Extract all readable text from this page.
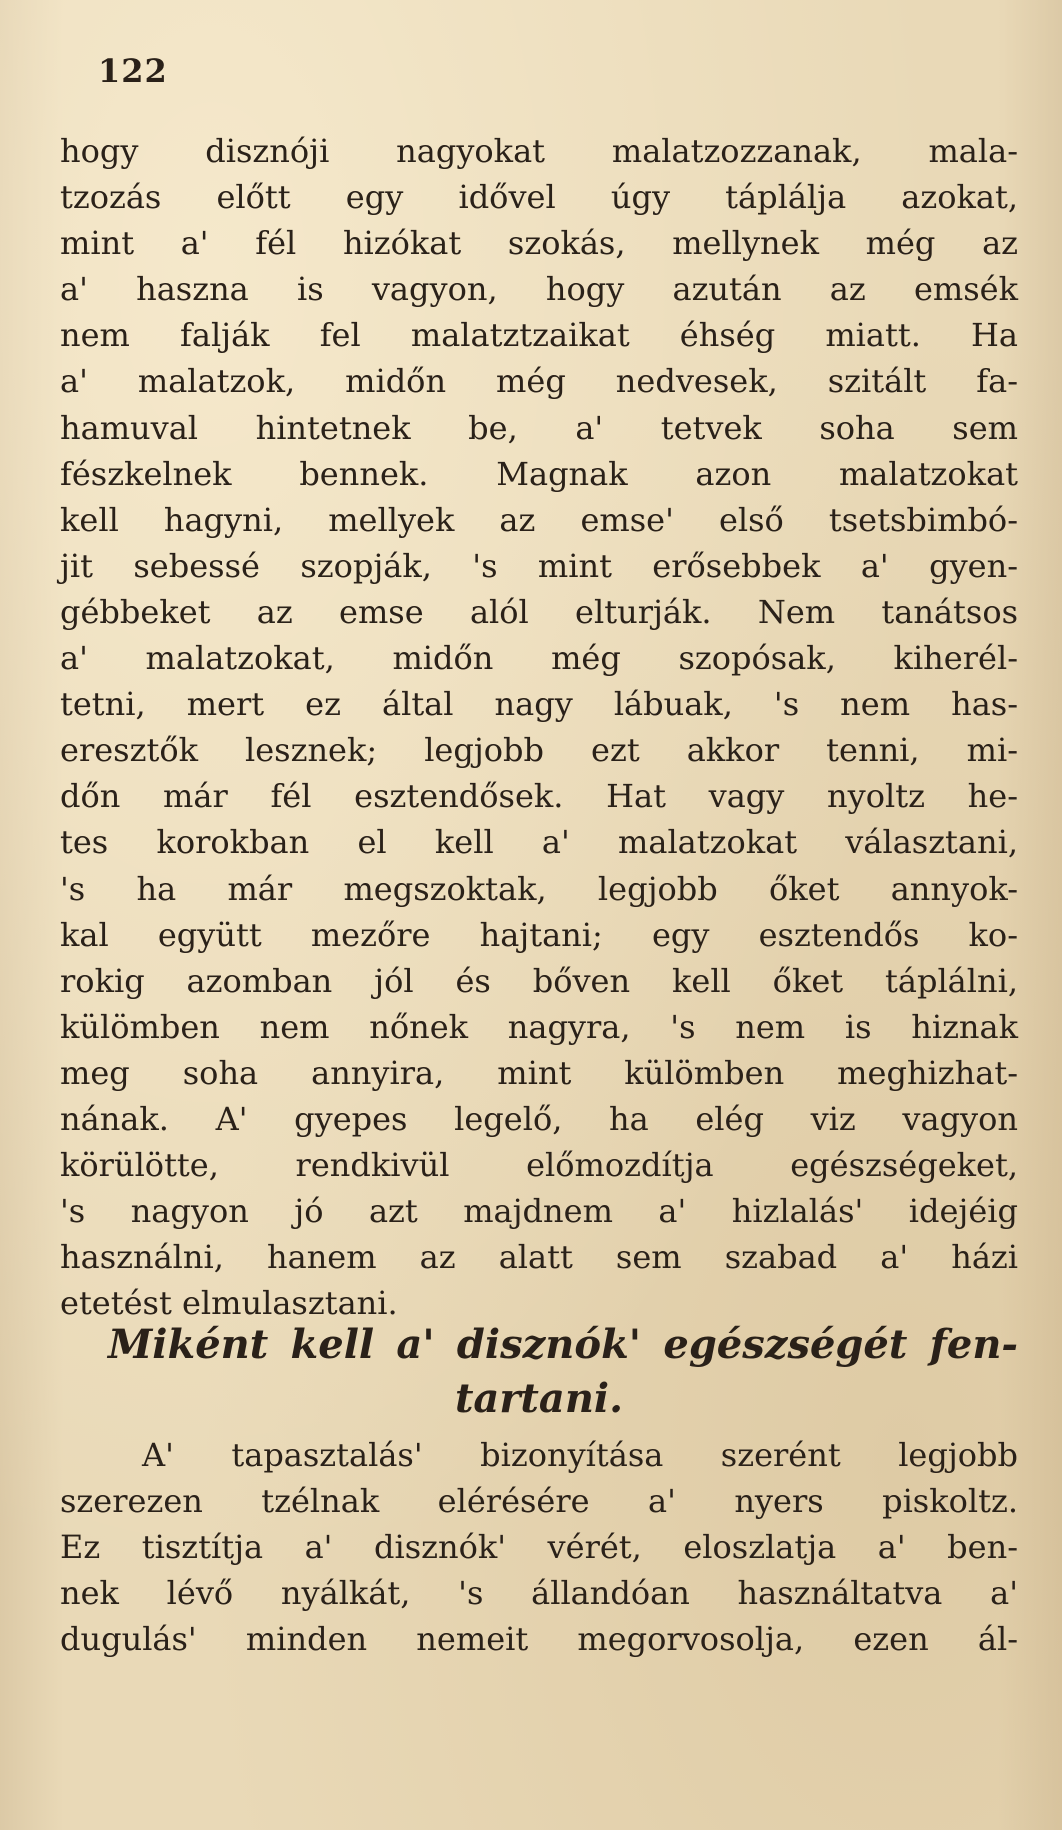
122
hogy disznóji nagyokat malatzozzanak, mala-
tzozás előtt egy idővel úgy táplálja azokat,
mint a' fél hizókat szokás, mellynek még az
a' haszna is vagyon, hogy azután az emsék
nem falják fel malatztzaikat éhség miatt. Ha
a' malatzok, midőn még nedvesek, szitált fa-
hamuval hintetnek be, a' tetvek soha sem
fészkelnek bennek. Magnak azon malatzokat
kell hagyni, mellyek az emse' első tsetsbimbó-
jit sebessé szopják, 's mint erősebbek a' gyen-
gébbeket az emse alól elturják. Nem tanátsos
a' malatzokat, midőn még szopósak, kiherél-
tetni, mert ez által nagy lábuak, 's nem has-
eresztők lesznek; legjobb ezt akkor tenni, mi-
dőn már fél esztendősek. Hat vagy nyoltz he-
tes korokban el kell a' malatzokat választani,
's ha már megszoktak, legjobb őket annyok-
kal együtt mezőre hajtani; egy esztendős ko-
rokig azomban jól és bőven kell őket táplálni,
külömben nem nőnek nagyra, 's nem is hiznak
meg soha annyira, mint külömben meghizhat-
nának. A' gyepes legelő, ha elég viz vagyon
körülötte, rendkivül előmozdítja egészségeket,
's nagyon jó azt majdnem a' hizlalás' idejéig
használni, hanem az alatt sem szabad a' házi
etetést elmulasztani.
Miként kell a' disznók' egészségét fen-
tartani.
A' tapasztalás' bizonyítása szerént legjobb
szerezen tzélnak elérésére a' nyers piskoltz.
Ez tisztítja a' disznók' vérét, eloszlatja a' ben-
nek lévő nyálkát, 's állandóan használtatva a'
dugulás' minden nemeit megorvosolja, ezen ál-
